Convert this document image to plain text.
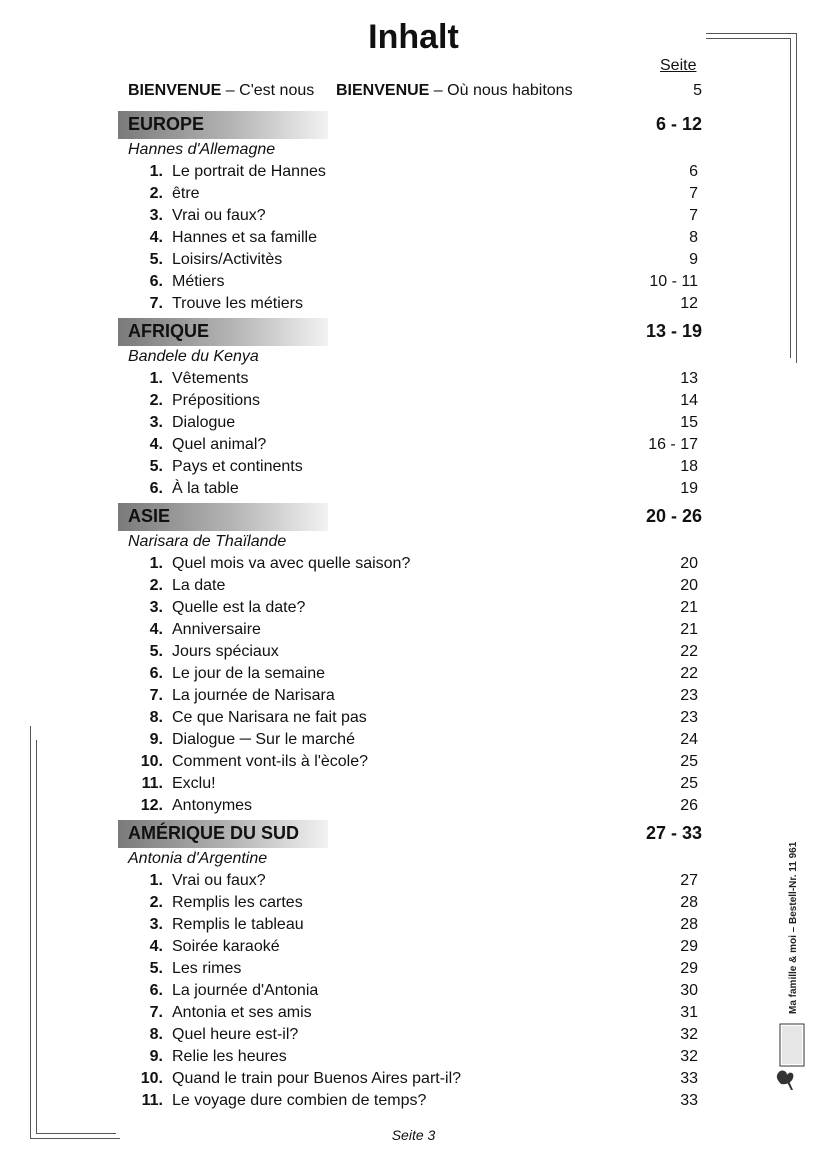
Inhalt
Seite
BIENVENUE – C'est nous BIENVENUE – Où nous habitons	5
EUROPE	6 - 12
Hannes d'Allemagne
1. Le portrait de Hannes	6
2. être	7
3. Vrai ou faux?	7
4. Hannes et sa famille	8
5. Loisirs/Activitès	9
6. Métiers	10 - 11
7. Trouve les métiers	12
AFRIQUE	13 - 19
Bandele du Kenya
1. Vêtements	13
2. Prépositions	14
3. Dialogue	15
4. Quel animal?	16 - 17
5. Pays et continents	18
6. À la table	19
ASIE	20 - 26
Narisara de Thaïlande
1. Quel mois va avec quelle saison?	20
2. La date	20
3. Quelle est la date?	21
4. Anniversaire	21
5. Jours spéciaux	22
6. Le jour de la semaine	22
7. La journée de Narisara	23
8. Ce que Narisara ne fait pas	23
9. Dialogue ─ Sur le marché	24
10. Comment vont-ils à l'ècole?	25
11. Exclu!	25
12. Antonymes	26
AMÉRIQUE DU SUD	27 - 33
Antonia d'Argentine
1. Vrai ou faux?	27
2. Remplis les cartes	28
3. Remplis le tableau	28
4. Soirée karaoké	29
5. Les rimes	29
6. La journée d'Antonia	30
7. Antonia et ses amis	31
8. Quel heure est-il?	32
9. Relie les heures	32
10. Quand le train pour Buenos Aires part-il?	33
11. Le voyage dure combien de temps?	33
Seite 3
Ma famille & moi – Bestell-Nr. 11 961
